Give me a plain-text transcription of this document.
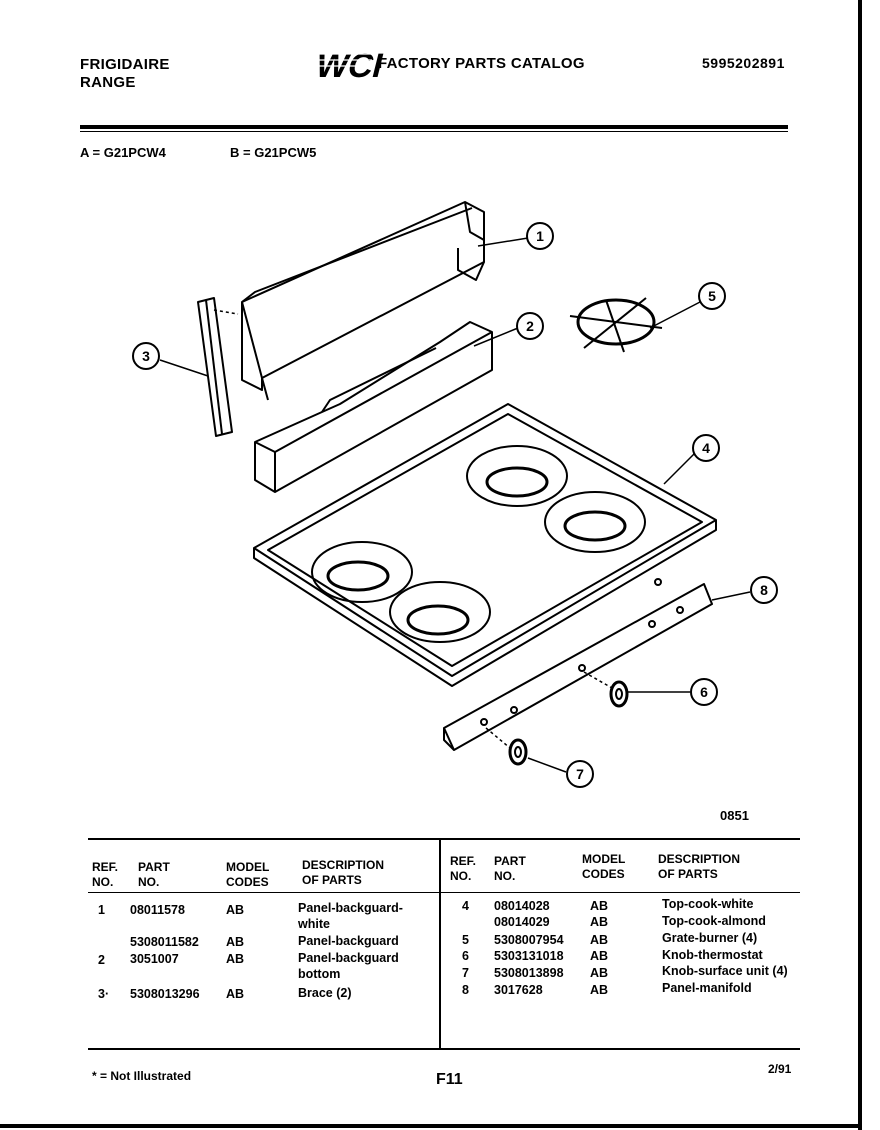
FRIGIDAIRE
RANGE	WCI
FACTORY PARTS CATALOG	5995202891
A = G21PCW4	B = G21PCW5
1
2
3
4
5
6
7
8
0851
REF.
NO.
PART
NO.
MODEL
CODES
DESCRIPTION
OF PARTS
REF.
NO.
PART
NO.
MODEL
CODES
DESCRIPTION
OF PARTS
1 08011578	AB	Panel-backguard-
white
5308011582 AB	Panel-backguard
2 3051007	AB	Panel-backguard
bottom
3· 5308013296 AB	Brace (2)
4 08014028	AB	Top-cook-white
08014029	AB	Top-cook-almond
5 5308007954 AB	Grate-burner (4)
6 5303131018 AB	Knob-thermostat
7 5308013898 AB	Knob-surface unit (4)
8 3017628	AB	Panel-manifold
* = Not Illustrated	F11
2/91
